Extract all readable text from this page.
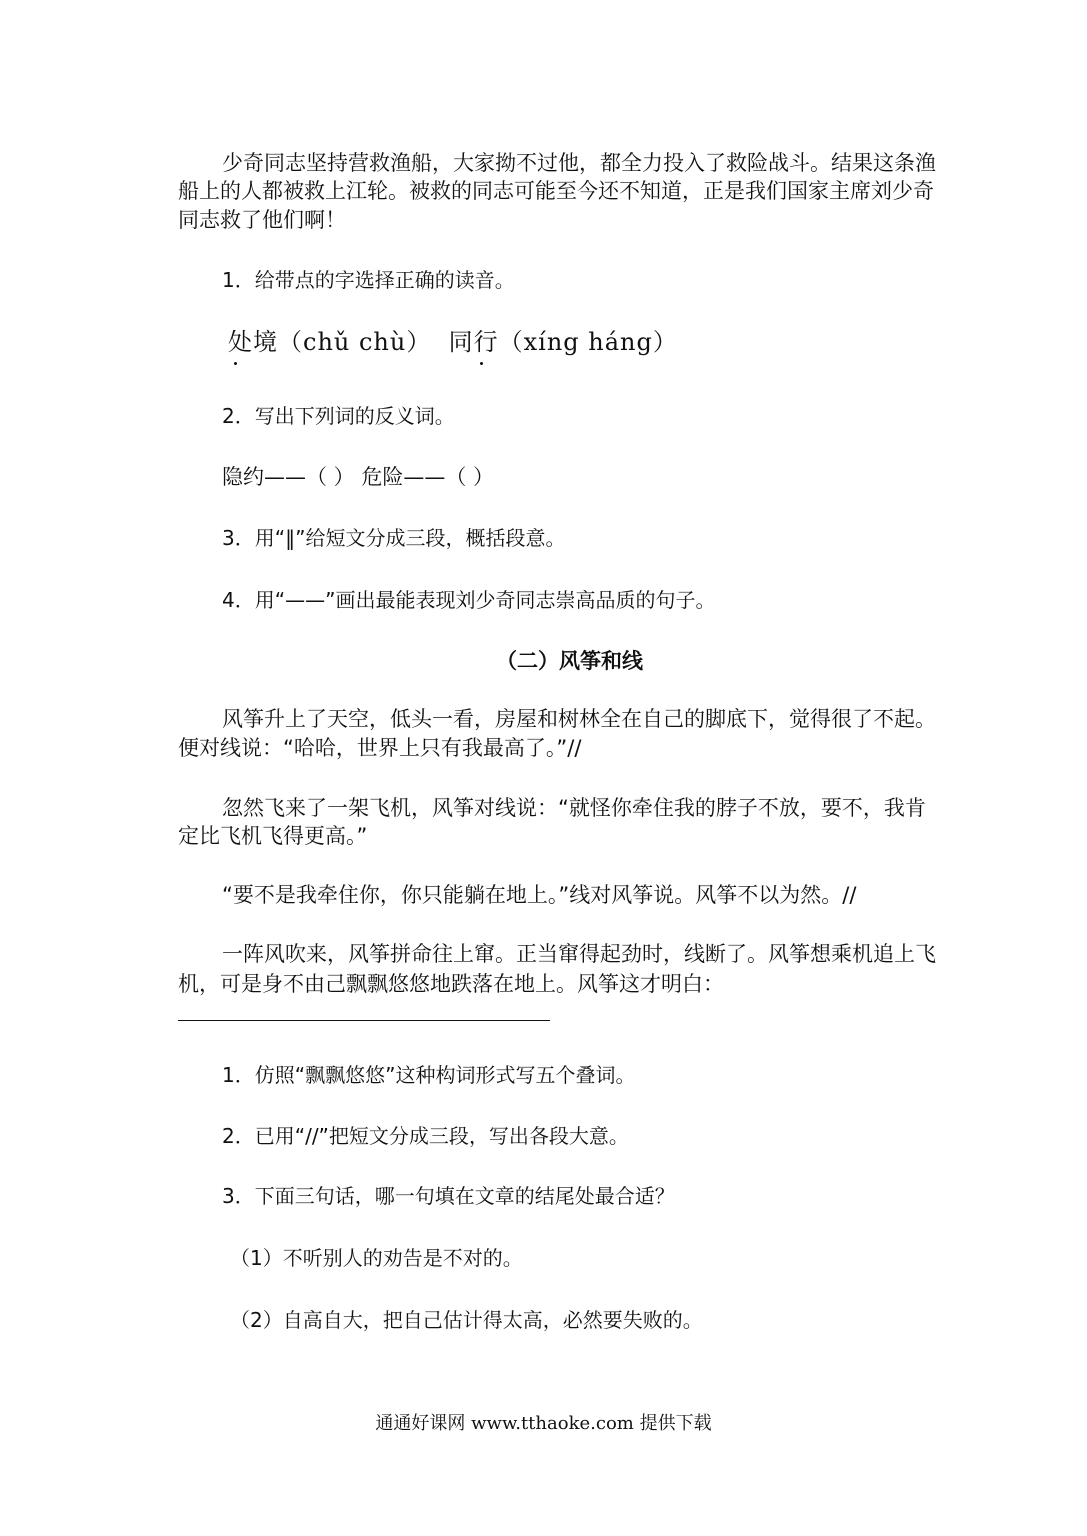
少奇同志坚持营救渔船，大家拗不过他，都全力投入了救险战斗。结果这条渔
船上的人都被救上江轮。被救的同志可能至今还不知道，正是我们国家主席刘少奇
同志救了他们啊！
1．给带点的字选择正确的读音。
处境
（chǔ chù） 同行
（xíng háng）
2．写出下列词的反义词。
隐约——（ ） 危险——（ ）
3．用“‖”给短文分成三段，概括段意。
4．用“——”画出最能表现刘少奇同志崇高品质的句子。
（二）风筝和线
风筝升上了天空，低头一看，房屋和树林全在自己的脚底下，觉得很了不起。
便对线说：“哈哈，世界上只有我最高了。”//
忽然飞来了一架飞机，风筝对线说：“就怪你牵住我的脖子不放，要不，我肯
定比飞机飞得更高。”
“要不是我牵住你，你只能躺在地上。”线对风筝说。风筝不以为然。//
一阵风吹来，风筝拼命往上窜。正当窜得起劲时，线断了。风筝想乘机追上飞
机，可是身不由己飘飘悠悠地跌落在地上。风筝这才明白：
1．仿照“飘飘悠悠”这种构词形式写五个叠词。
2．已用“//”把短文分成三段，写出各段大意。
3．下面三句话，哪一句填在文章的结尾处最合适？
（1）不听别人的劝告是不对的。
（2）自高自大，把自己估计得太高，必然要失败的。
通通好课网 www.tthaoke.com 提供下载
